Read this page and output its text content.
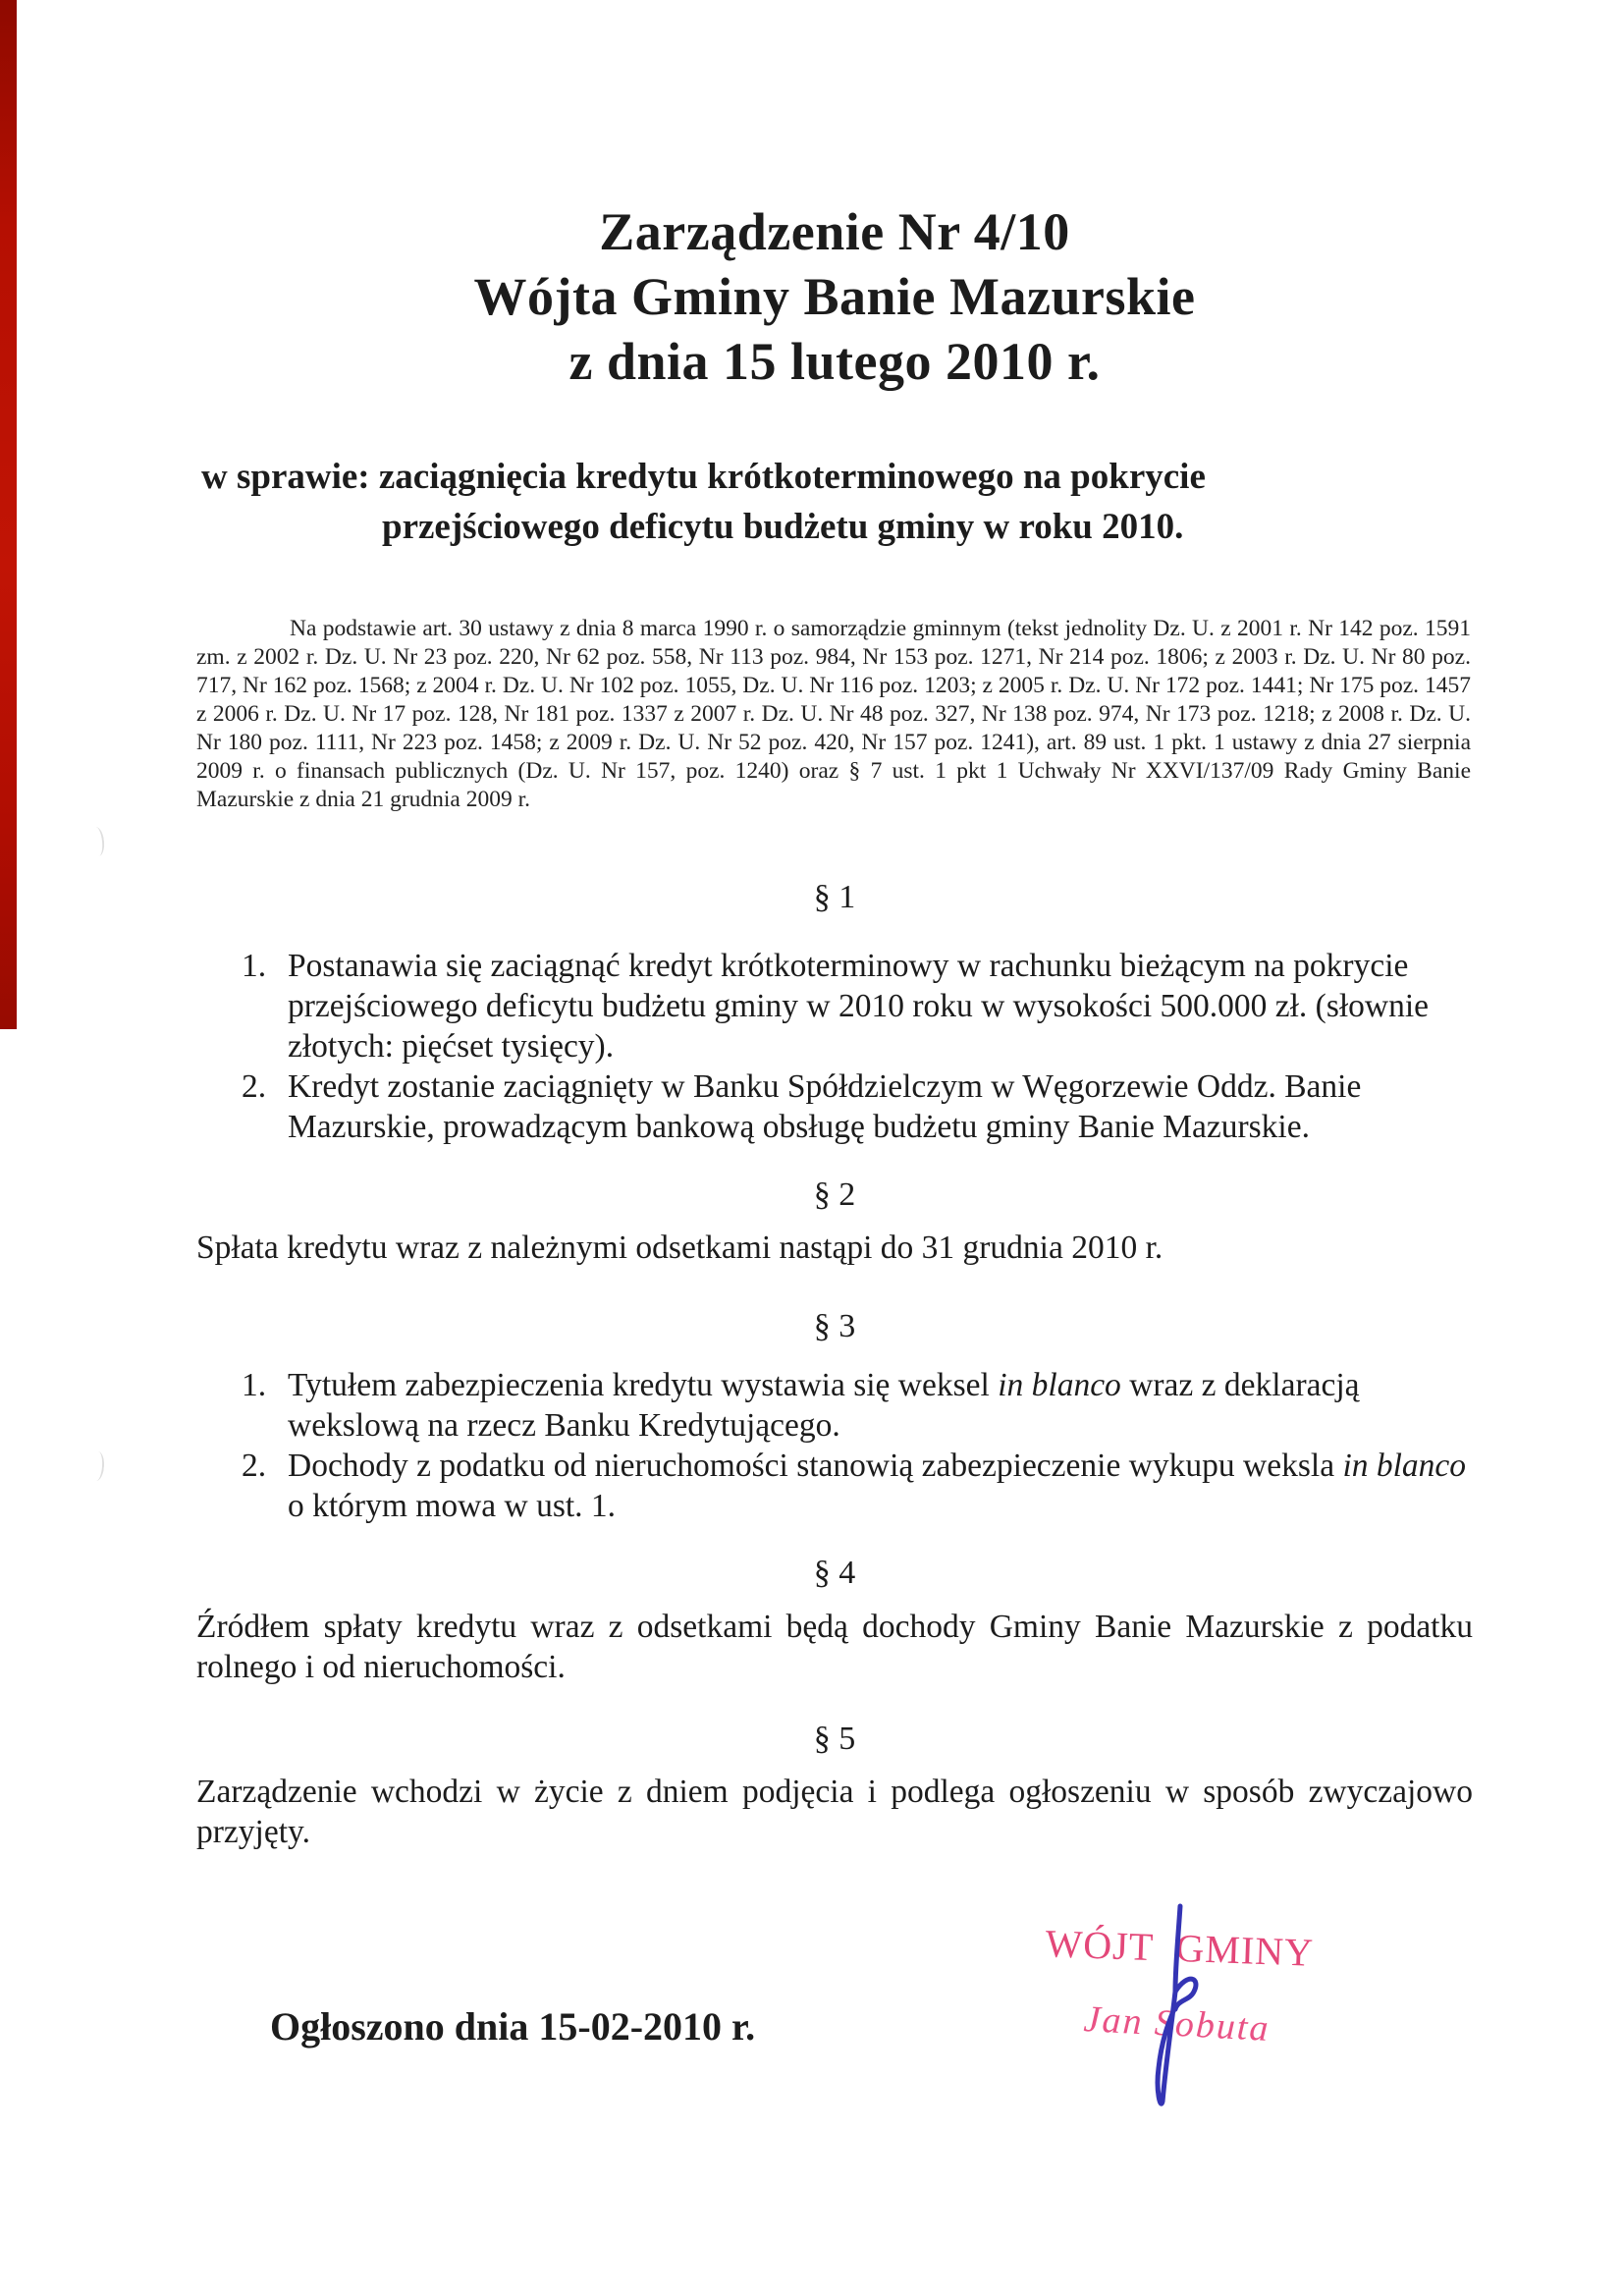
Zarządzenie Nr 4/10
Wójta Gminy Banie Mazurskie
z dnia 15 lutego 2010 r.
w sprawie: zaciągnięcia kredytu krótkoterminowego na pokrycie
przejściowego deficytu budżetu gminy w roku 2010.

Na podstawie art. 30 ustawy z dnia 8 marca 1990 r. o samorządzie gminnym (tekst jednolity Dz. U. z 2001 r. Nr 142 poz. 1591 zm. z 2002 r. Dz. U. Nr 23 poz. 220, Nr 62 poz. 558, Nr 113 poz. 984, Nr 153 poz. 1271, Nr 214 poz. 1806; z 2003 r. Dz. U. Nr 80 poz. 717, Nr 162 poz. 1568; z 2004 r. Dz. U. Nr 102 poz. 1055, Dz. U. Nr 116 poz. 1203; z 2005 r. Dz. U. Nr 172 poz. 1441; Nr 175 poz. 1457 z 2006 r. Dz. U. Nr 17 poz. 128, Nr 181 poz. 1337 z 2007 r. Dz. U. Nr 48 poz. 327, Nr 138 poz. 974, Nr 173 poz. 1218; z 2008 r. Dz. U. Nr 180 poz. 1111, Nr 223 poz. 1458; z 2009 r. Dz. U. Nr 52 poz. 420, Nr 157 poz. 1241), art. 89 ust. 1 pkt. 1 ustawy z dnia 27 sierpnia 2009 r. o finansach publicznych (Dz. U. Nr 157, poz. 1240) oraz § 7 ust. 1 pkt 1 Uchwały Nr XXVI/137/09 Rady Gminy Banie Mazurskie z dnia 21 grudnia 2009 r.

§ 1
1. Postanawia się zaciągnąć kredyt krótkoterminowy w rachunku bieżącym na pokrycie przejściowego deficytu budżetu gminy w 2010 roku w wysokości 500.000 zł. (słownie złotych: pięćset tysięcy).
2. Kredyt zostanie zaciągnięty w Banku Spółdzielczym w Węgorzewie Oddz. Banie Mazurskie, prowadzącym bankową obsługę budżetu gminy Banie Mazurskie.
§ 2

Spłata kredytu wraz z należnymi odsetkami nastąpi do 31 grudnia 2010 r.

§ 3
1. Tytułem zabezpieczenia kredytu wystawia się weksel in blanco wraz z deklaracją wekslową na rzecz Banku Kredytującego.
2. Dochody z podatku od nieruchomości stanowią zabezpieczenie wykupu weksla in blanco o którym mowa w ust. 1.
§ 4

Źródłem spłaty kredytu wraz z odsetkami będą dochody Gminy Banie Mazurskie z podatku rolnego i od nieruchomości.

§ 5

Zarządzenie wchodzi w życie z dniem podjęcia i podlega ogłoszeniu w sposób zwyczajowo przyjęty.

Ogłoszono dnia 15-02-2010 r.
WÓJT GMINY
Jan Sobuta
